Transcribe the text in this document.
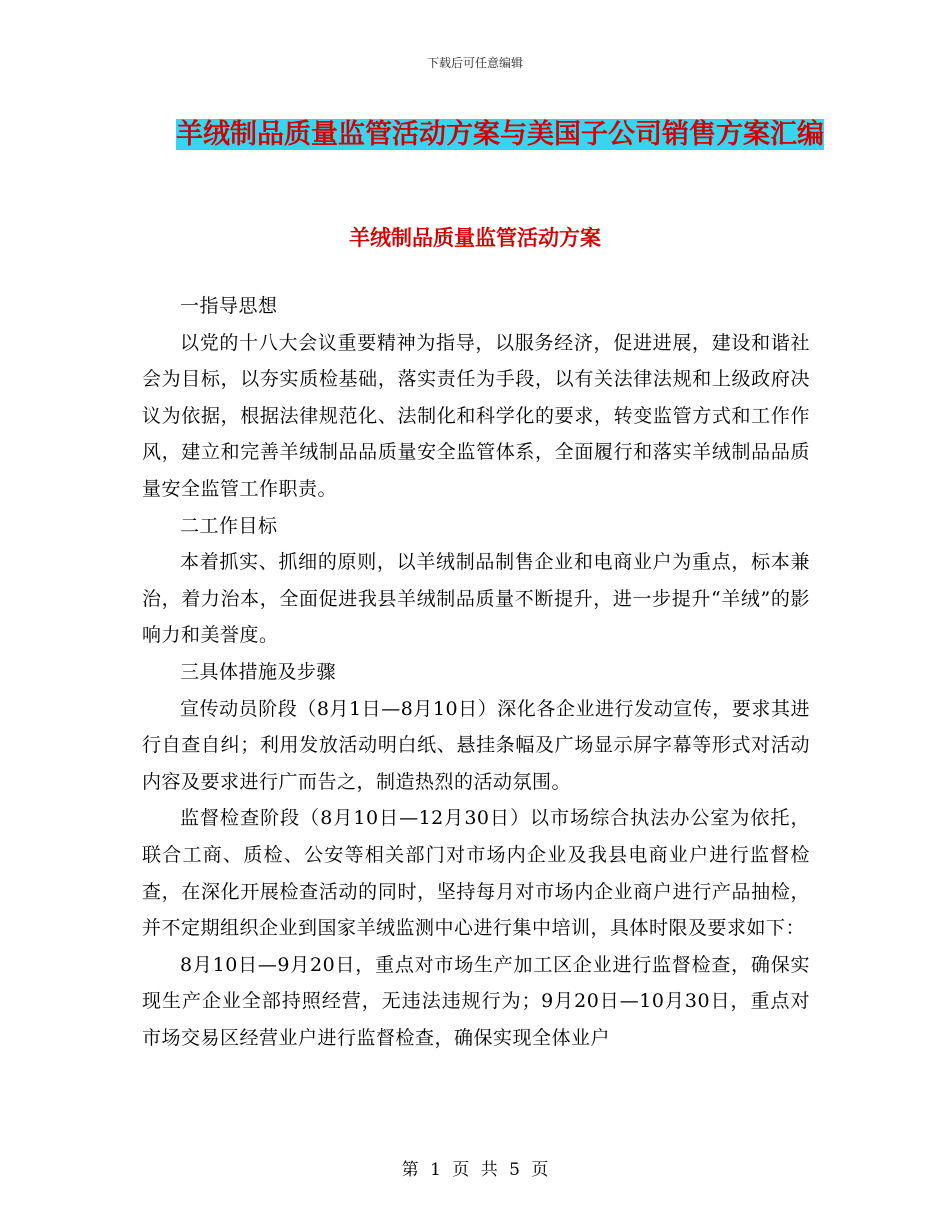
下载后可任意编辑
羊绒制品质量监管活动方案与美国子公司销售方案汇编
羊绒制品质量监管活动方案

一指导思想

以党的十八大会议重要精神为指导，以服务经济，促进进展，建设和谐社会为目标，以夯实质检基础，落实责任为手段，以有关法律法规和上级政府决议为依据，根据法律规范化、法制化和科学化的要求，转变监管方式和工作作风，建立和完善羊绒制品品质量安全监管体系，全面履行和落实羊绒制品品质量安全监管工作职责。

二工作目标

本着抓实、抓细的原则，以羊绒制品制售企业和电商业户为重点，标本兼治，着力治本，全面促进我县羊绒制品质量不断提升，进一步提升“羊绒”的影响力和美誉度。

三具体措施及步骤

宣传动员阶段（8月1日—8月10日）深化各企业进行发动宣传，要求其进行自查自纠；利用发放活动明白纸、悬挂条幅及广场显示屏字幕等形式对活动内容及要求进行广而告之，制造热烈的活动氛围。

监督检查阶段（8月10日—12月30日）以市场综合执法办公室为依托，联合工商、质检、公安等相关部门对市场内企业及我县电商业户进行监督检查，在深化开展检查活动的同时，坚持每月对市场内企业商户进行产品抽检，并不定期组织企业到国家羊绒监测中心进行集中培训，具体时限及要求如下：

8月10日—9月20日，重点对市场生产加工区企业进行监督检查，确保实现生产企业全部持照经营，无违法违规行为；9月20日—10月30日，重点对市场交易区经营业户进行监督检查，确保实现全体业户

第 1 页 共 5 页
